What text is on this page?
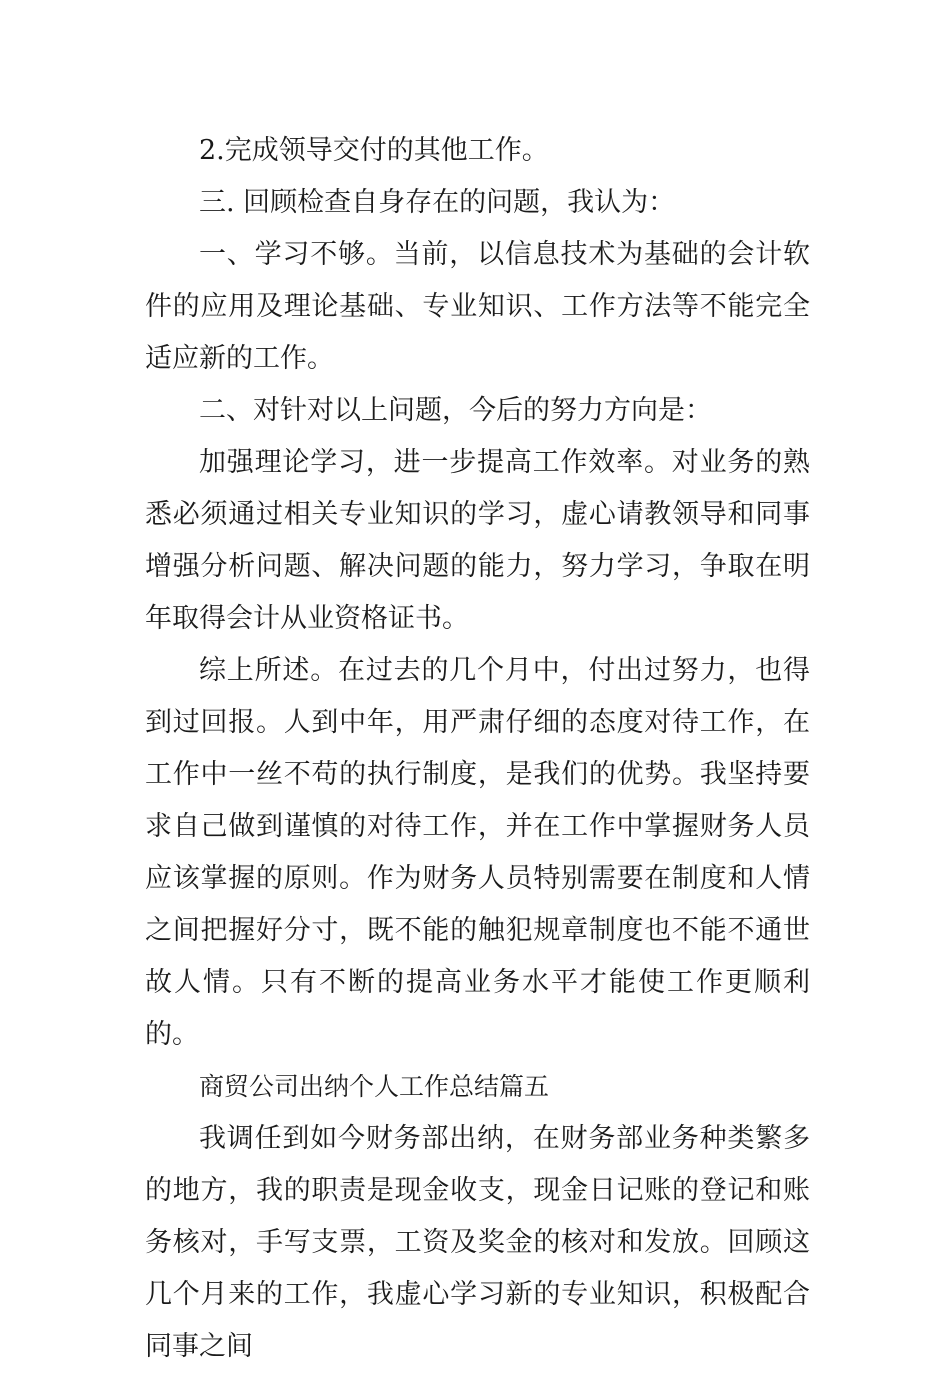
2.完成领导交付的其他工作。

三. 回顾检查自身存在的问题，我认为：

一、学习不够。当前，以信息技术为基础的会计软件的应用及理论基础、专业知识、工作方法等不能完全适应新的工作。

二、对针对以上问题，今后的努力方向是：

加强理论学习，进一步提高工作效率。对业务的熟悉必须通过相关专业知识的学习，虚心请教领导和同事增强分析问题、解决问题的能力，努力学习，争取在明年取得会计从业资格证书。

综上所述。在过去的几个月中，付出过努力，也得到过回报。人到中年，用严肃仔细的态度对待工作，在工作中一丝不苟的执行制度，是我们的优势。我坚持要求自己做到谨慎的对待工作，并在工作中掌握财务人员应该掌握的原则。作为财务人员特别需要在制度和人情之间把握好分寸，既不能的触犯规章制度也不能不通世故人情。只有不断的提高业务水平才能使工作更顺利的。

商贸公司出纳个人工作总结篇五

我调任到如今财务部出纳，在财务部业务种类繁多的地方，我的职责是现金收支，现金日记账的登记和账务核对，手写支票，工资及奖金的核对和发放。回顾这几个月来的工作，我虚心学习新的专业知识，积极配合同事之间
